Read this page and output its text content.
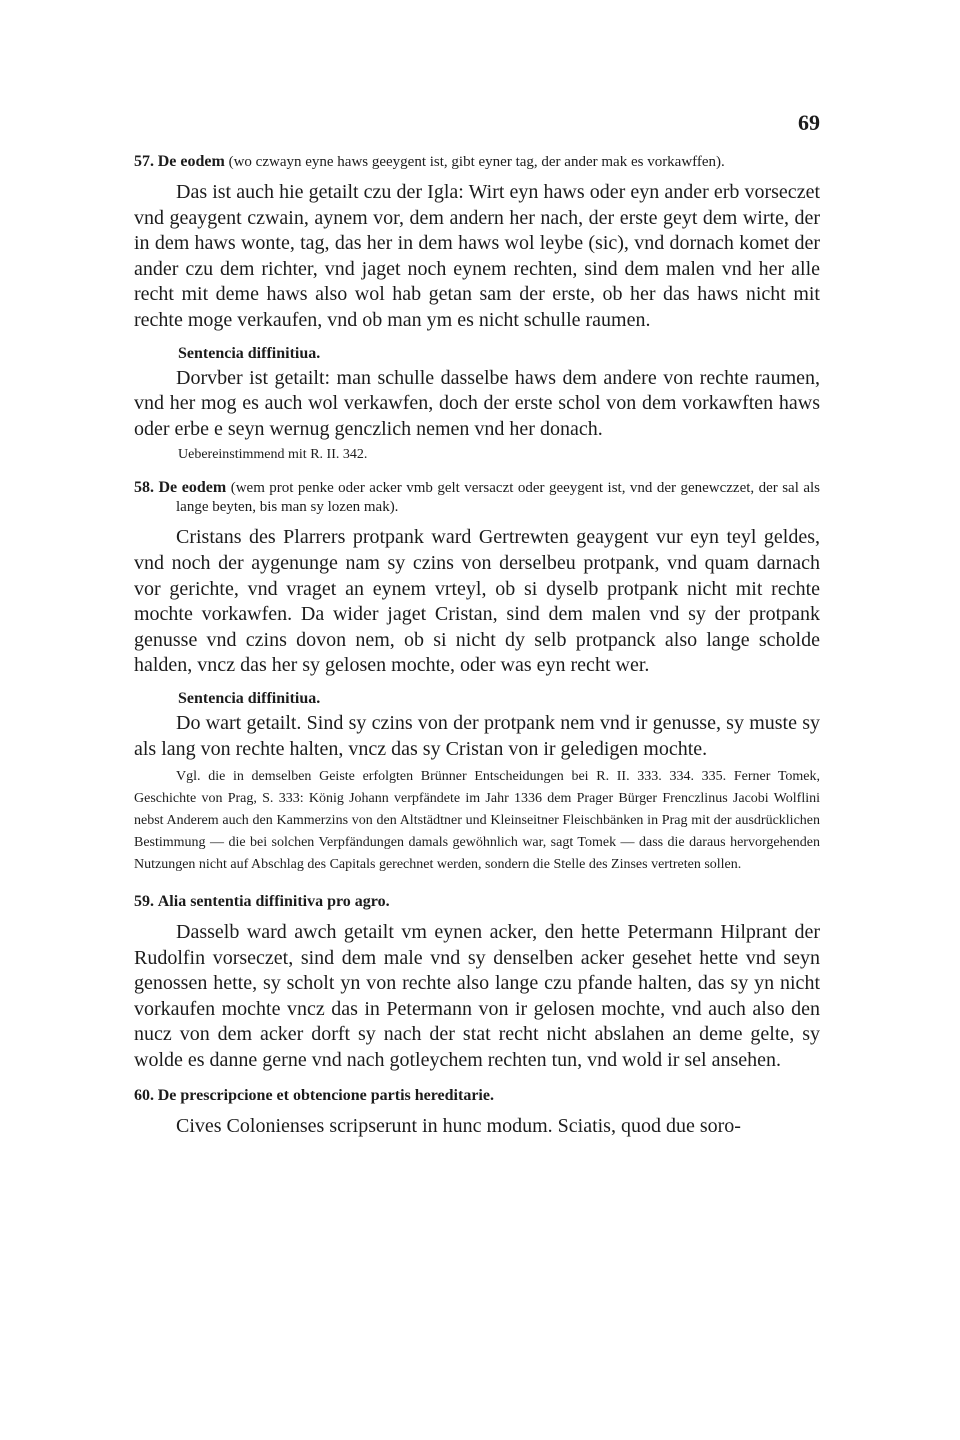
69
57. De eodem (wo czwayn eyne haws geeygent ist, gibt eyner tag, der ander mak es vorkawffen).

Das ist auch hie getailt czu der Igla: Wirt eyn haws oder eyn ander erb vorseczet vnd geaygent czwain, aynem vor, dem andern her nach, der erste geyt dem wirte, der in dem haws wonte, tag, das her in dem haws wol leybe (sic), vnd dornach komet der ander czu dem richter, vnd jaget noch eynem rechten, sind dem malen vnd her alle recht mit deme haws also wol hab getan sam der erste, ob her das haws nicht mit rechte moge verkaufen, vnd ob man ym es nicht schulle raumen.

Sentencia diffinitiua.

Dorvber ist getailt: man schulle dasselbe haws dem andere von rechte raumen, vnd her mog es auch wol verkawfen, doch der erste schol von dem vorkawften haws oder erbe e seyn wernug genczlich nemen vnd her donach.

Uebereinstimmend mit R. II. 342.
58. De eodem (wem prot penke oder acker vmb gelt versaczt oder geeygent ist, vnd der genewczzet, der sal als lange beyten, bis man sy lozen mak).

Cristans des Plarrers protpank ward Gertrewten geaygent vur eyn teyl geldes, vnd noch der aygenunge nam sy czins von derselbeu protpank, vnd quam darnach vor gerichte, vnd vraget an eynem vrteyl, ob si dyselb protpank nicht mit rechte mochte vorkawfen. Da wider jaget Cristan, sind dem malen vnd sy der protpank genusse vnd czins dovon nem, ob si nicht dy selb protpanck also lange scholde halden, vncz das her sy gelosen mochte, oder was eyn recht wer.

Sentencia diffinitiua.

Do wart getailt. Sind sy czins von der protpank nem vnd ir genusse, sy muste sy als lang von rechte halten, vncz das sy Cristan von ir geledigen mochte.

Vgl. die in demselben Geiste erfolgten Brünner Entscheidungen bei R. II. 333. 334. 335. Ferner Tomek, Geschichte von Prag, S. 333: König Johann verpfändete im Jahr 1336 dem Prager Bürger Frenczlinus Jacobi Wolflini nebst Anderem auch den Kammerzins von den Altstädtner und Kleinseitner Fleischbänken in Prag mit der ausdrücklichen Bestimmung — die bei solchen Verpfändungen damals gewöhnlich war, sagt Tomek — dass die daraus hervorgehenden Nutzungen nicht auf Abschlag des Capitals gerechnet werden, sondern die Stelle des Zinses vertreten sollen.

59. Alia sententia diffinitiva pro agro.

Dasselb ward awch getailt vm eynen acker, den hette Petermann Hilprant der Rudolfin vorseczet, sind dem male vnd sy denselben acker gesehet hette vnd seyn genossen hette, sy scholt yn von rechte also lange czu pfande halten, das sy yn nicht vorkaufen mochte vncz das in Petermann von ir gelosen mochte, vnd auch also den nucz von dem acker dorft sy nach der stat recht nicht abslahen an deme gelte, sy wolde es danne gerne vnd nach gotleychem rechten tun, vnd wold ir sel ansehen.

60. De prescripcione et obtencione partis hereditarie.

Cives Colonienses scripserunt in hunc modum. Sciatis, quod due soro-
